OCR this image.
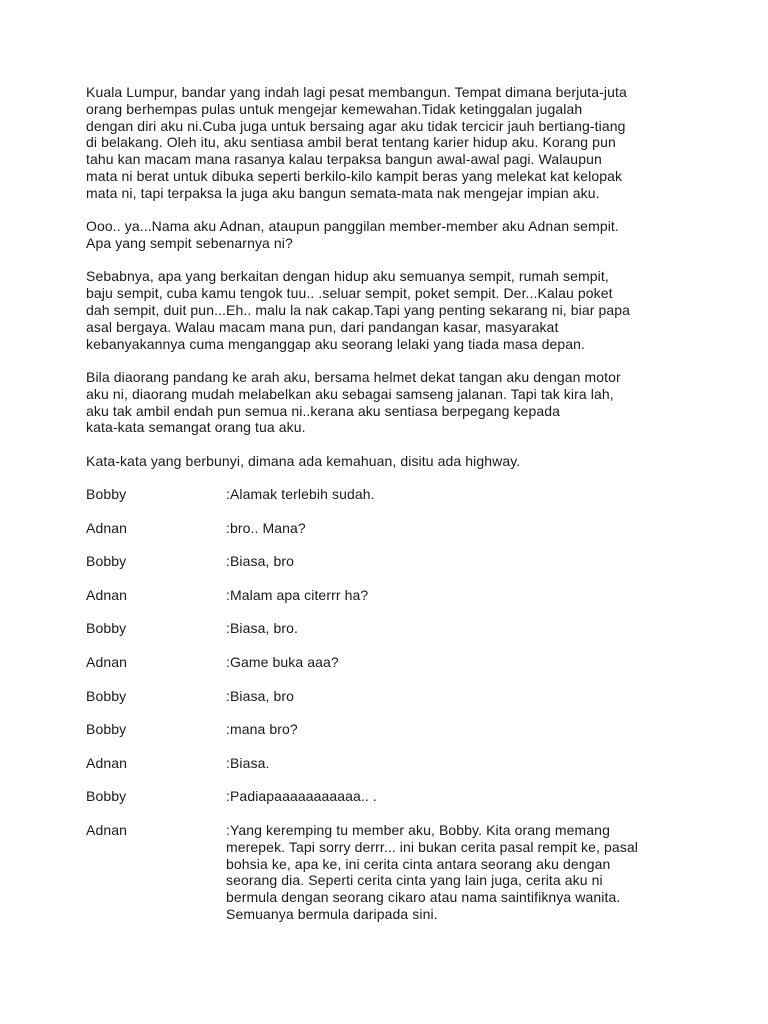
Kuala Lumpur, bandar yang indah lagi pesat membangun. Tempat dimana berjuta-juta
orang berhempas pulas untuk mengejar kemewahan.Tidak ketinggalan jugalah
dengan diri aku ni.Cuba juga untuk bersaing agar aku tidak tercicir jauh bertiang-tiang
di belakang. Oleh itu, aku sentiasa ambil berat tentang karier hidup aku. Korang pun
tahu kan macam mana rasanya kalau terpaksa bangun awal-awal pagi. Walaupun
mata ni berat untuk dibuka seperti berkilo-kilo kampit beras yang melekat kat kelopak
mata ni, tapi terpaksa la juga aku bangun semata-mata nak mengejar impian aku.

Ooo.. ya...Nama aku Adnan, ataupun panggilan member-member aku Adnan sempit.
Apa yang sempit sebenarnya ni?

Sebabnya, apa yang berkaitan dengan hidup aku semuanya sempit, rumah sempit,
baju sempit, cuba kamu tengok tuu.. .seluar sempit, poket sempit. Der...Kalau poket
dah sempit, duit pun...Eh.. malu la nak cakap.Tapi yang penting sekarang ni, biar papa
asal bergaya. Walau macam mana pun, dari pandangan kasar, masyarakat
kebanyakannya cuma menganggap aku seorang lelaki yang tiada masa depan.

Bila diaorang pandang ke arah aku, bersama helmet dekat tangan aku dengan motor
aku ni, diaorang mudah melabelkan aku sebagai samseng jalanan. Tapi tak kira lah,
aku tak ambil endah pun semua ni..kerana aku sentiasa berpegang kepada
kata-kata semangat orang tua aku.

Kata-kata yang berbunyi, dimana ada kemahuan, disitu ada highway.

Bobby	:Alamak terlebih sudah.
Adnan	:bro.. Mana?
Bobby	:Biasa, bro
Adnan	:Malam apa citerrr ha?
Bobby	:Biasa, bro.
Adnan	:Game buka aaa?
Bobby	:Biasa, bro
Bobby	:mana bro?
Adnan	:Biasa.
Bobby	:Padiapaaaaaaaaaaa.. .
Adnan	:Yang keremping tu member aku, Bobby. Kita orang memang
merepek. Tapi sorry derrr... ini bukan cerita pasal rempit ke, pasal
bohsia ke, apa ke, ini cerita cinta antara seorang aku dengan
seorang dia. Seperti cerita cinta yang lain juga, cerita aku ni
bermula dengan seorang cikaro atau nama saintifiknya wanita.
Semuanya bermula daripada sini.
